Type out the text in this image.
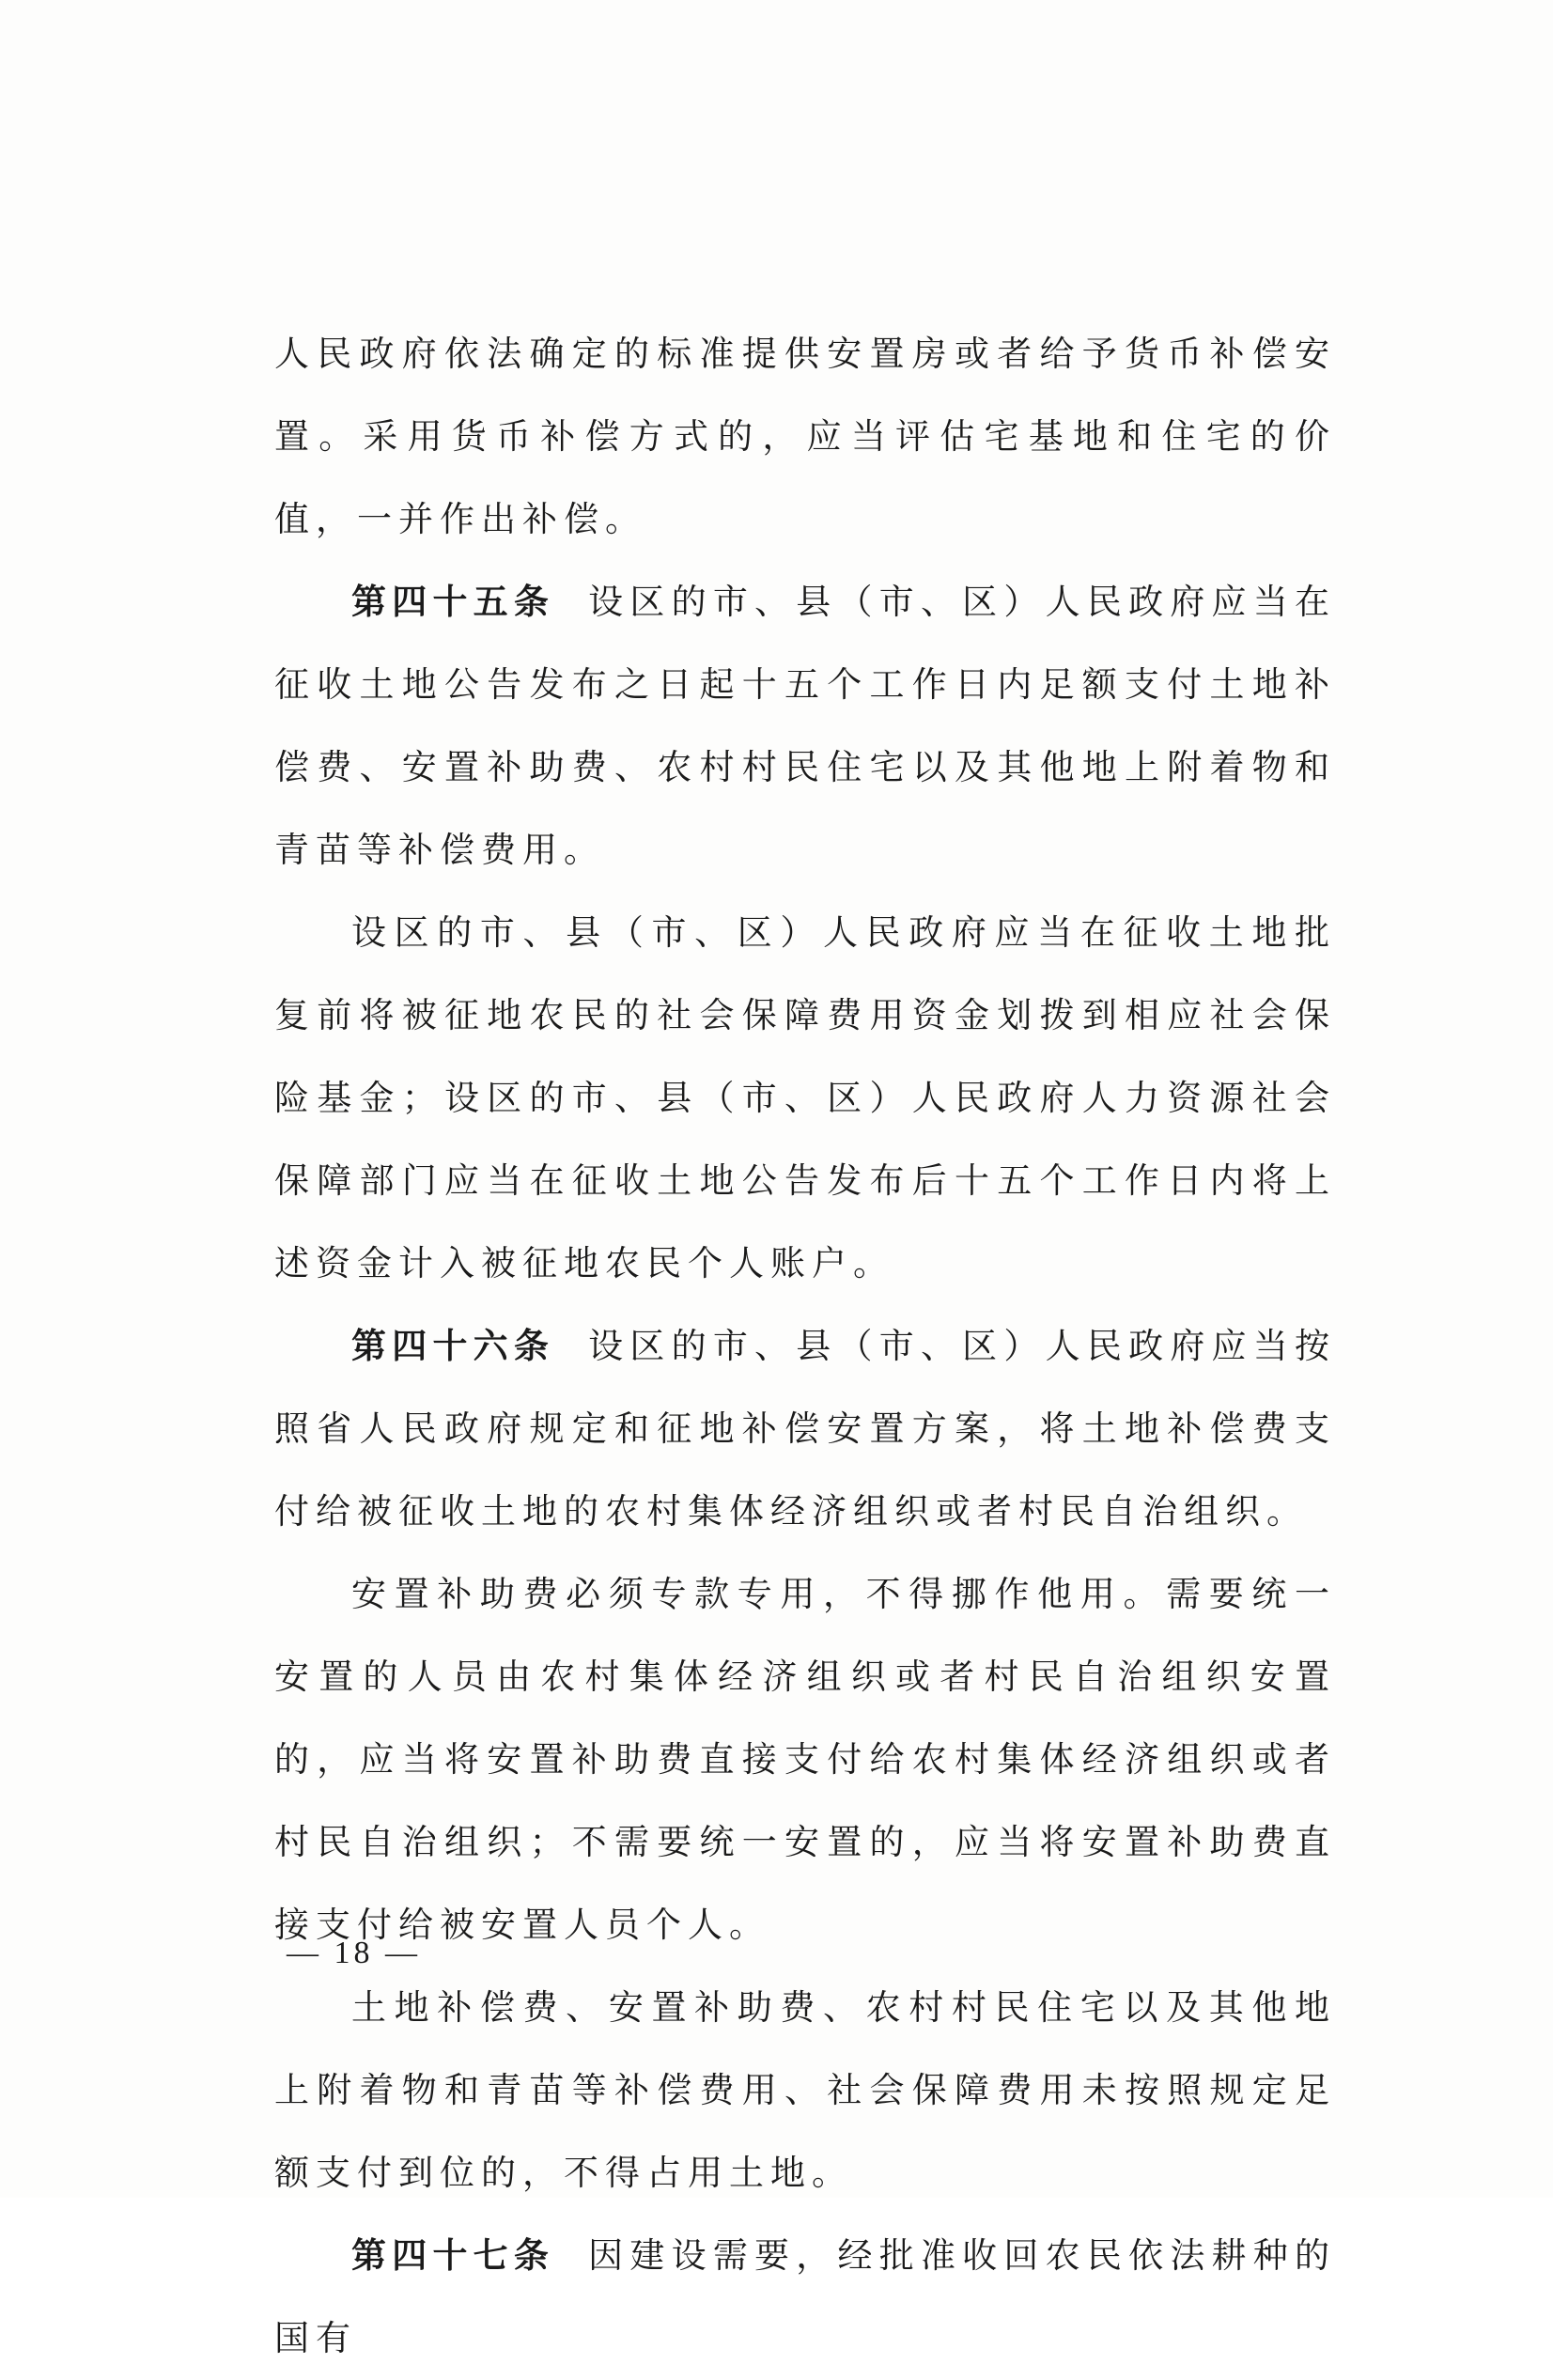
人民政府依法确定的标准提供安置房或者给予货币补偿安置。采用货币补偿方式的，应当评估宅基地和住宅的价值，一并作出补偿。

第四十五条 设区的市、县（市、区）人民政府应当在征收土地公告发布之日起十五个工作日内足额支付土地补偿费、安置补助费、农村村民住宅以及其他地上附着物和青苗等补偿费用。

设区的市、县（市、区）人民政府应当在征收土地批复前将被征地农民的社会保障费用资金划拨到相应社会保险基金；设区的市、县（市、区）人民政府人力资源社会保障部门应当在征收土地公告发布后十五个工作日内将上述资金计入被征地农民个人账户。

第四十六条 设区的市、县（市、区）人民政府应当按照省人民政府规定和征地补偿安置方案，将土地补偿费支付给被征收土地的农村集体经济组织或者村民自治组织。

安置补助费必须专款专用，不得挪作他用。需要统一安置的人员由农村集体经济组织或者村民自治组织安置的，应当将安置补助费直接支付给农村集体经济组织或者村民自治组织；不需要统一安置的，应当将安置补助费直接支付给被安置人员个人。

土地补偿费、安置补助费、农村村民住宅以及其他地上附着物和青苗等补偿费用、社会保障费用未按照规定足额支付到位的，不得占用土地。

第四十七条 因建设需要，经批准收回农民依法耕种的国有

— 18 —
